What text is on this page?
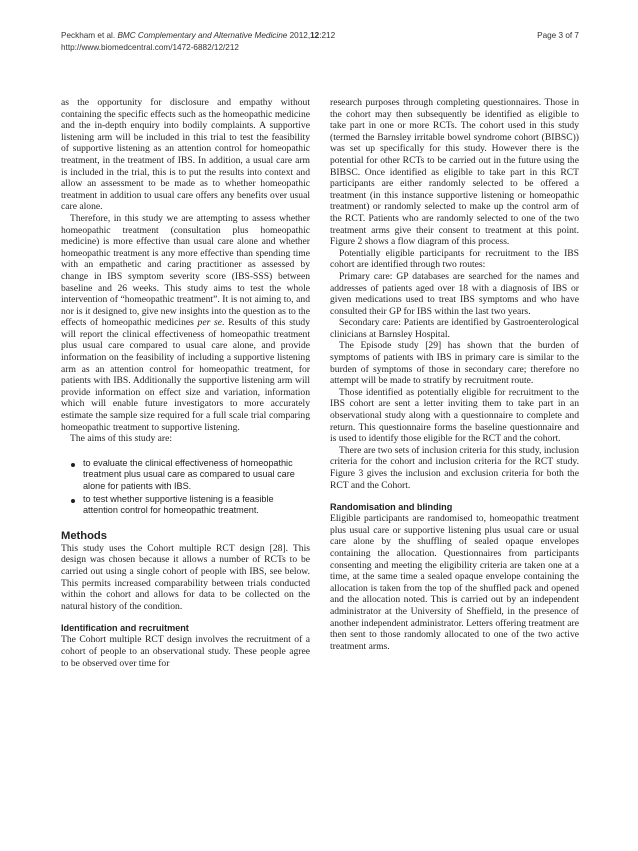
Peckham et al. BMC Complementary and Alternative Medicine 2012,12:212
http://www.biomedcentral.com/1472-6882/12/212
Page 3 of 7

as the opportunity for disclosure and empathy without containing the specific effects such as the homeopathic medicine and the in-depth enquiry into bodily complaints. A supportive listening arm will be included in this trial to test the feasibility of supportive listening as an attention control for homeopathic treatment, in the treatment of IBS. In addition, a usual care arm is included in the trial, this is to put the results into context and allow an assessment to be made as to whether homeopathic treatment in addition to usual care offers any benefits over usual care alone.

Therefore, in this study we are attempting to assess whether homeopathic treatment (consultation plus homeopathic medicine) is more effective than usual care alone and whether homeopathic treatment is any more effective than spending time with an empathetic and caring practitioner as assessed by change in IBS symptom severity score (IBS-SSS) between baseline and 26 weeks. This study aims to test the whole intervention of “homeopathic treatment”. It is not aiming to, and nor is it designed to, give new insights into the question as to the effects of homeopathic medicines per se. Results of this study will report the clinical effectiveness of homeopathic treatment plus usual care compared to usual care alone, and provide information on the feasibility of including a supportive listening arm as an attention control for homeopathic treatment, for patients with IBS. Additionally the supportive listening arm will provide information on effect size and variation, information which will enable future investigators to more accurately estimate the sample size required for a full scale trial comparing homeopathic treatment to supportive listening.

The aims of this study are:

to evaluate the clinical effectiveness of homeopathic treatment plus usual care as compared to usual care alone for patients with IBS.
to test whether supportive listening is a feasible attention control for homeopathic treatment.
Methods

This study uses the Cohort multiple RCT design [28]. This design was chosen because it allows a number of RCTs to be carried out using a single cohort of people with IBS, see below. This permits increased comparability between trials conducted within the cohort and allows for data to be collected on the natural history of the condition.

Identification and recruitment

The Cohort multiple RCT design involves the recruitment of a cohort of people to an observational study. These people agree to be observed over time for

research purposes through completing questionnaires. Those in the cohort may then subsequently be identified as eligible to take part in one or more RCTs. The cohort used in this study (termed the Barnsley irritable bowel syndrome cohort (BIBSC)) was set up specifically for this study. However there is the potential for other RCTs to be carried out in the future using the BIBSC. Once identified as eligible to take part in this RCT participants are either randomly selected to be offered a treatment (in this instance supportive listening or homeopathic treatment) or randomly selected to make up the control arm of the RCT. Patients who are randomly selected to one of the two treatment arms give their consent to treatment at this point. Figure 2 shows a flow diagram of this process.

Potentially eligible participants for recruitment to the IBS cohort are identified through two routes:

Primary care: GP databases are searched for the names and addresses of patients aged over 18 with a diagnosis of IBS or given medications used to treat IBS symptoms and who have consulted their GP for IBS within the last two years.

Secondary care: Patients are identified by Gastroenterological clinicians at Barnsley Hospital.

The Episode study [29] has shown that the burden of symptoms of patients with IBS in primary care is similar to the burden of symptoms of those in secondary care; therefore no attempt will be made to stratify by recruitment route.

Those identified as potentially eligible for recruitment to the IBS cohort are sent a letter inviting them to take part in an observational study along with a questionnaire to complete and return. This questionnaire forms the baseline questionnaire and is used to identify those eligible for the RCT and the cohort.

There are two sets of inclusion criteria for this study, inclusion criteria for the cohort and inclusion criteria for the RCT study. Figure 3 gives the inclusion and exclusion criteria for both the RCT and the Cohort.

Randomisation and blinding

Eligible participants are randomised to, homeopathic treatment plus usual care or supportive listening plus usual care or usual care alone by the shuffling of sealed opaque envelopes containing the allocation. Questionnaires from participants consenting and meeting the eligibility criteria are taken one at a time, at the same time a sealed opaque envelope containing the allocation is taken from the top of the shuffled pack and opened and the allocation noted. This is carried out by an independent administrator at the University of Sheffield, in the presence of another independent administrator. Letters offering treatment are then sent to those randomly allocated to one of the two active treatment arms.
